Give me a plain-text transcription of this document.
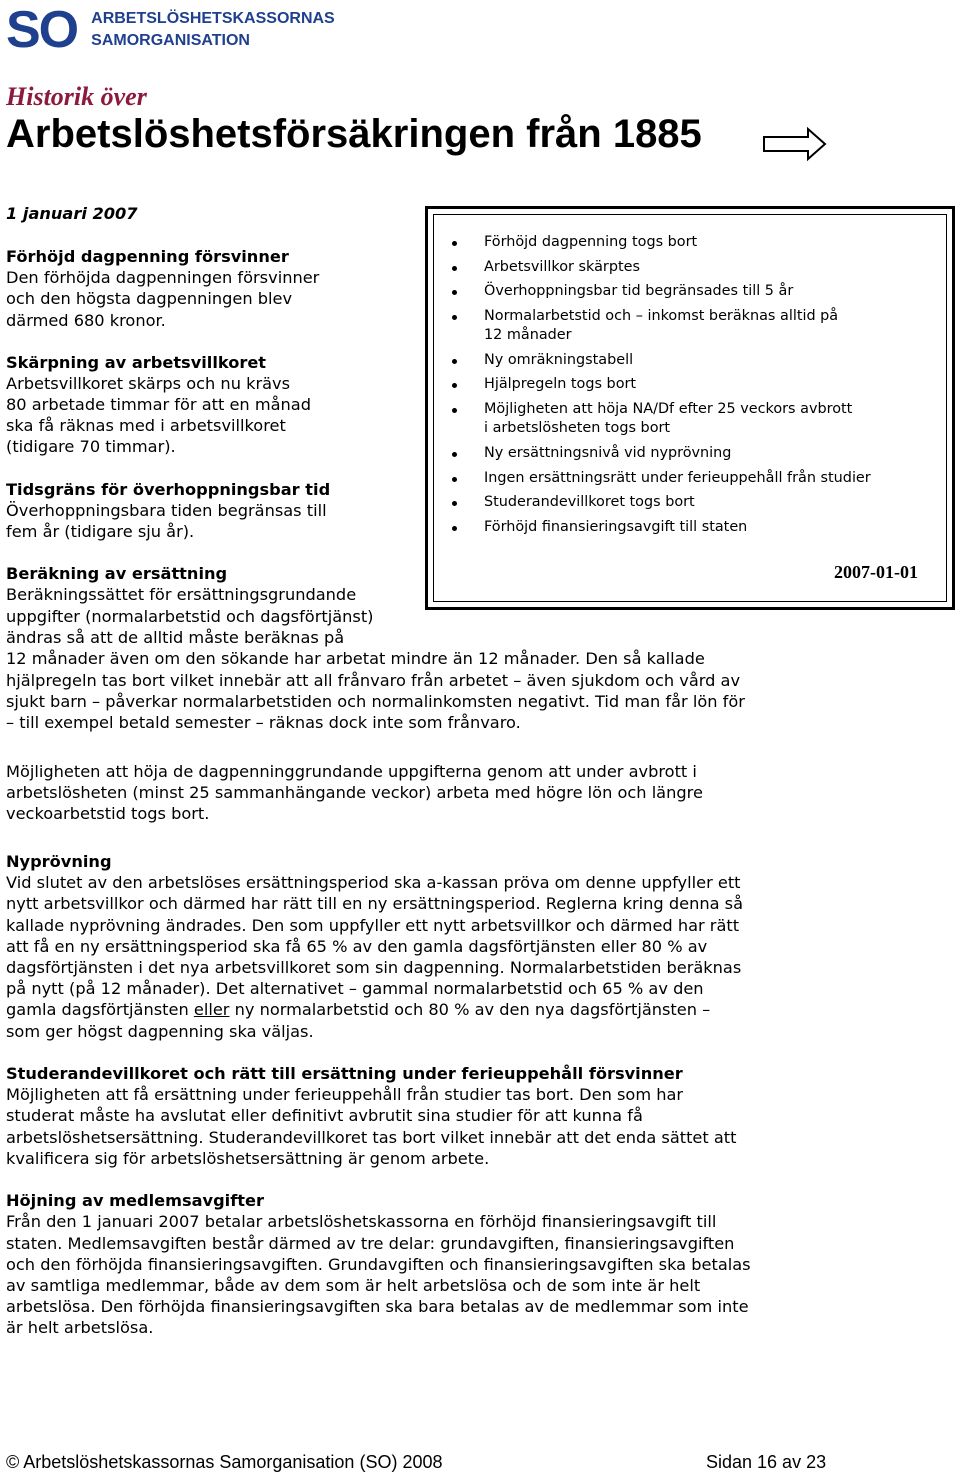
SO ARBETSLÖSHETSKASSORNAS
SAMORGANISATION
Historik över
Arbetslöshetsförsäkringen från 1885
1 januari 2007
Förhöjd dagpenning försvinner
Den förhöjda dagpenningen försvinner
och den högsta dagpenningen blev
därmed 680 kronor.
Skärpning av arbetsvillkoret
Arbetsvillkoret skärps och nu krävs
80 arbetade timmar för att en månad
ska få räknas med i arbetsvillkoret
(tidigare 70 timmar).
Tidsgräns för överhoppningsbar tid
Överhoppningsbara tiden begränsas till
fem år (tidigare sju år).
Förhöjd dagpenning togs bort
Arbetsvillkor skärptes
Överhoppningsbar tid begränsades till 5 år
Normalarbetstid och – inkomst beräknas alltid på
12 månader
Ny omräkningstabell
Hjälpregeln togs bort
Möjligheten att höja NA/Df efter 25 veckors avbrott
i arbetslösheten togs bort
Ny ersättningsnivå vid nyprövning
Ingen ersättningsrätt under ferieuppehåll från studier
Studerandevillkoret togs bort
Förhöjd finansieringsavgift till staten
2007-01-01
Beräkning av ersättning
Beräkningssättet för ersättningsgrundande
uppgifter (normalarbetstid och dagsförtjänst)
ändras så att de alltid måste beräknas på
12 månader även om den sökande har arbetat mindre än 12 månader. Den så kallade
hjälpregeln tas bort vilket innebär att all frånvaro från arbetet – även sjukdom och vård av
sjukt barn – påverkar normalarbetstiden och normalinkomsten negativt. Tid man får lön för
– till exempel betald semester – räknas dock inte som frånvaro.
Möjligheten att höja de dagpenninggrundande uppgifterna genom att under avbrott i
arbetslösheten (minst 25 sammanhängande veckor) arbeta med högre lön och längre
veckoarbetstid togs bort.
Nyprövning
Vid slutet av den arbetslöses ersättningsperiod ska a-kassan pröva om denne uppfyller ett
nytt arbetsvillkor och därmed har rätt till en ny ersättningsperiod. Reglerna kring denna så
kallade nyprövning ändrades. Den som uppfyller ett nytt arbetsvillkor och därmed har rätt
att få en ny ersättningsperiod ska få 65 % av den gamla dagsförtjänsten eller 80 % av
dagsförtjänsten i det nya arbetsvillkoret som sin dagpenning. Normalarbetstiden beräknas
på nytt (på 12 månader). Det alternativet – gammal normalarbetstid och 65 % av den
gamla dagsförtjänsten eller ny normalarbetstid och 80 % av den nya dagsförtjänsten –
som ger högst dagpenning ska väljas.
Studerandevillkoret och rätt till ersättning under ferieuppehåll försvinner
Möjligheten att få ersättning under ferieuppehåll från studier tas bort. Den som har
studerat måste ha avslutat eller definitivt avbrutit sina studier för att kunna få
arbetslöshetsersättning. Studerandevillkoret tas bort vilket innebär att det enda sättet att
kvalificera sig för arbetslöshetsersättning är genom arbete.
Höjning av medlemsavgifter
Från den 1 januari 2007 betalar arbetslöshetskassorna en förhöjd finansieringsavgift till
staten. Medlemsavgiften består därmed av tre delar: grundavgiften, finansieringsavgiften
och den förhöjda finansieringsavgiften. Grundavgiften och finansieringsavgiften ska betalas
av samtliga medlemmar, både av dem som är helt arbetslösa och de som inte är helt
arbetslösa. Den förhöjda finansieringsavgiften ska bara betalas av de medlemmar som inte
är helt arbetslösa.
© Arbetslöshetskassornas Samorganisation (SO) 2008	Sidan 16 av 23
